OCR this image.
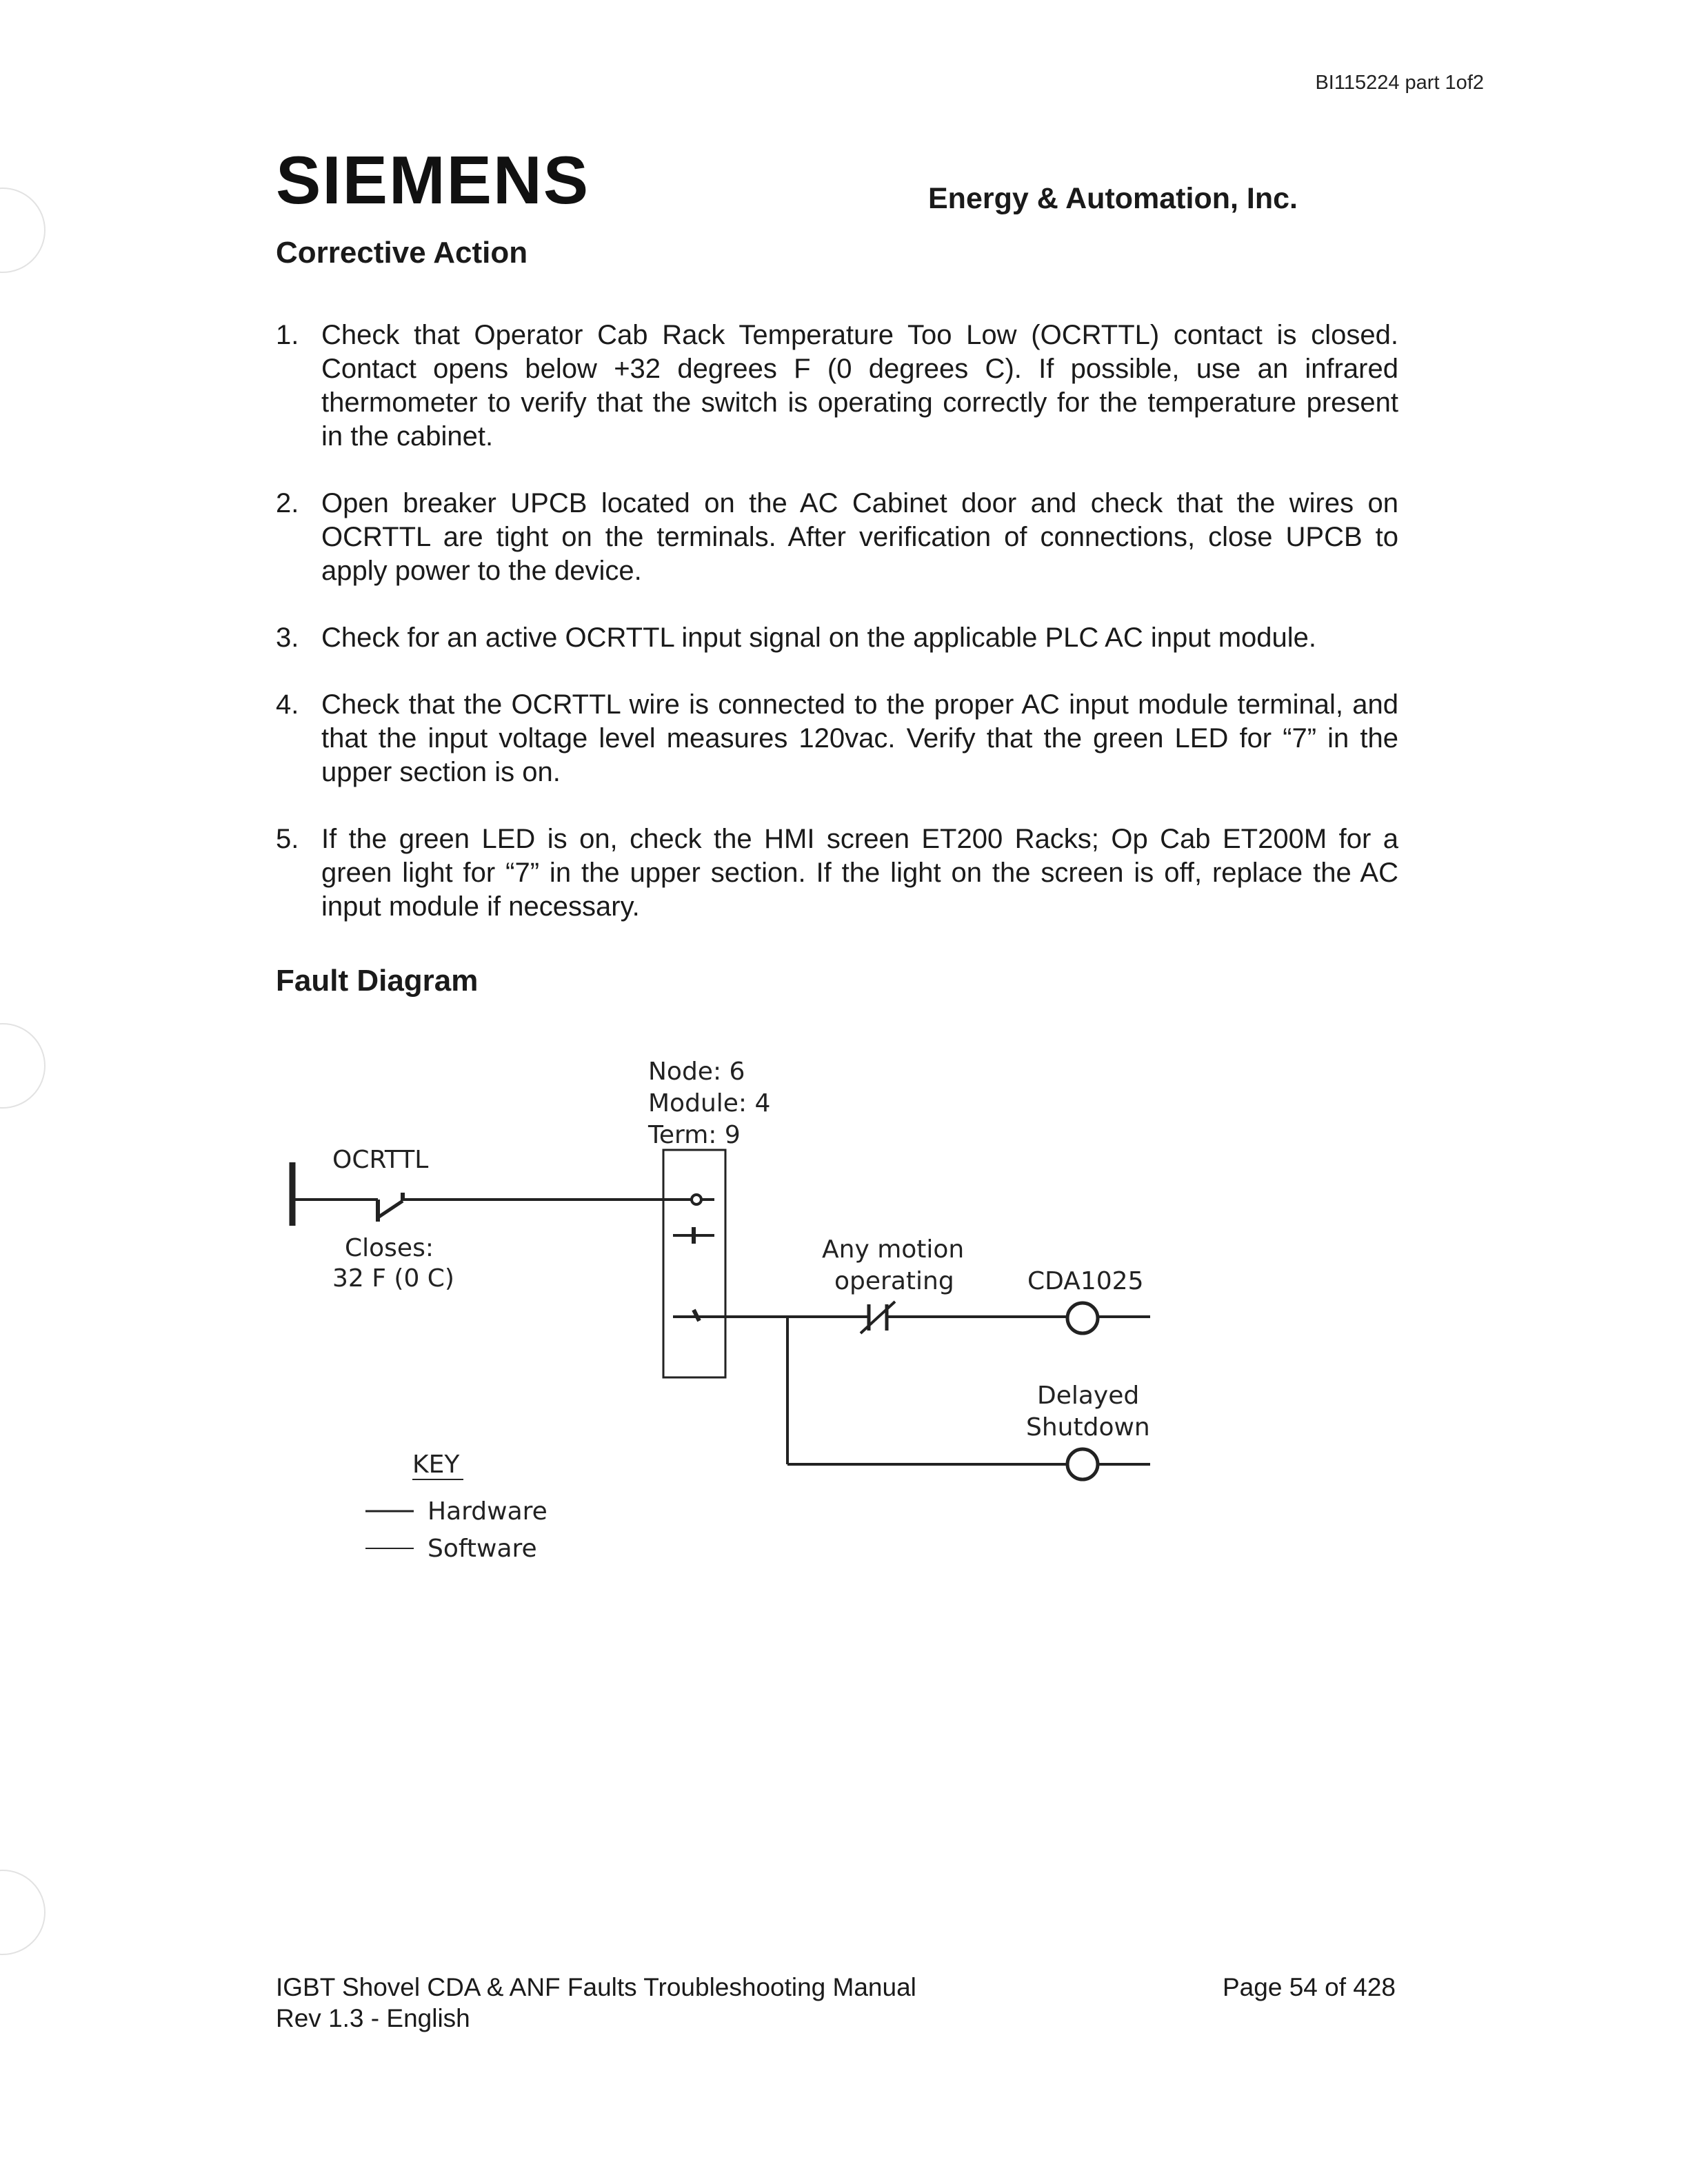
BI115224 part 1of2
SIEMENS	Energy & Automation, Inc.
Corrective Action
1. Check that Operator Cab Rack Temperature Too Low (OCRTTL) contact is closed. Contact opens below +32 degrees F (0 degrees C). If possible, use an infrared thermometer to verify that the switch is operating correctly for the temperature present in the cabinet.
2. Open breaker UPCB located on the AC Cabinet door and check that the wires on OCRTTL are tight on the terminals. After verification of connections, close UPCB to apply power to the device.
3. Check for an active OCRTTL input signal on the applicable PLC AC input module.
4. Check that the OCRTTL wire is connected to the proper AC input module terminal, and that the input voltage level measures 120vac. Verify that the green LED for “7” in the upper section is on.
5. If the green LED is on, check the HMI screen ET200 Racks; Op Cab ET200M for a green light for “7” in the upper section. If the light on the screen is off, replace the AC input module if necessary.
Fault Diagram
Node: 6
Module: 4
Term: 9
OCRTTL
Closes:
32 F (0 C)
Any motion
operating	CDA1025
Delayed
Shutdown
KEY
Hardware
Software
IGBT Shovel CDA & ANF Faults Troubleshooting Manual
Rev 1.3 - English
Page 54 of 428
